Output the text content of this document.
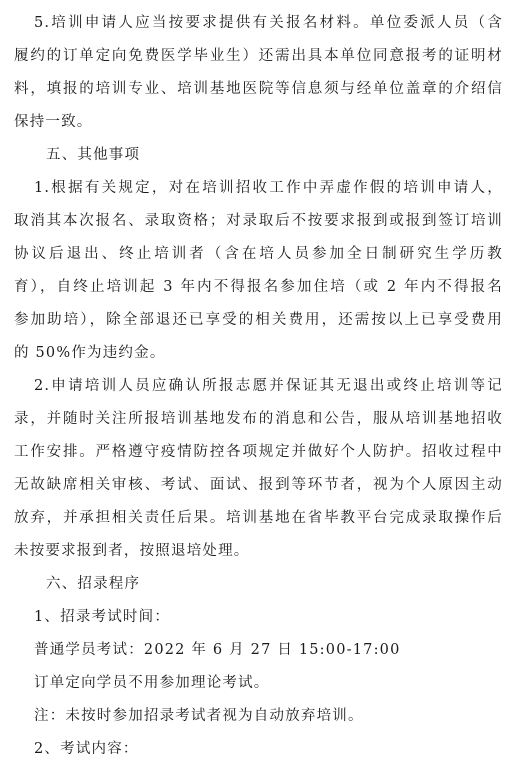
5.培训申请人应当按要求提供有关报名材料。单位委派人员（含
履约的订单定向免费医学毕业生）还需出具本单位同意报考的证明材
料，填报的培训专业、培训基地医院等信息须与经单位盖章的介绍信
保持一致。
五、其他事项
1.根据有关规定，对在培训招收工作中弄虚作假的培训申请人，
取消其本次报名、录取资格；对录取后不按要求报到或报到签订培训
协议后退出、终止培训者（含在培人员参加全日制研究生学历教
育），自终止培训起 3 年内不得报名参加住培（或 2 年内不得报名
参加助培），除全部退还已享受的相关费用，还需按以上已享受费用
的 50%作为违约金。
2.申请培训人员应确认所报志愿并保证其无退出或终止培训等记
录，并随时关注所报培训基地发布的消息和公告，服从培训基地招收
工作安排。严格遵守疫情防控各项规定并做好个人防护。招收过程中
无故缺席相关审核、考试、面试、报到等环节者，视为个人原因主动
放弃，并承担相关责任后果。培训基地在省毕教平台完成录取操作后
未按要求报到者，按照退培处理。
六、招录程序
1、招录考试时间：
普通学员考试：2022 年 6 月 27 日 15:00-17:00
订单定向学员不用参加理论考试。
注：未按时参加招录考试者视为自动放弃培训。
2、考试内容：
